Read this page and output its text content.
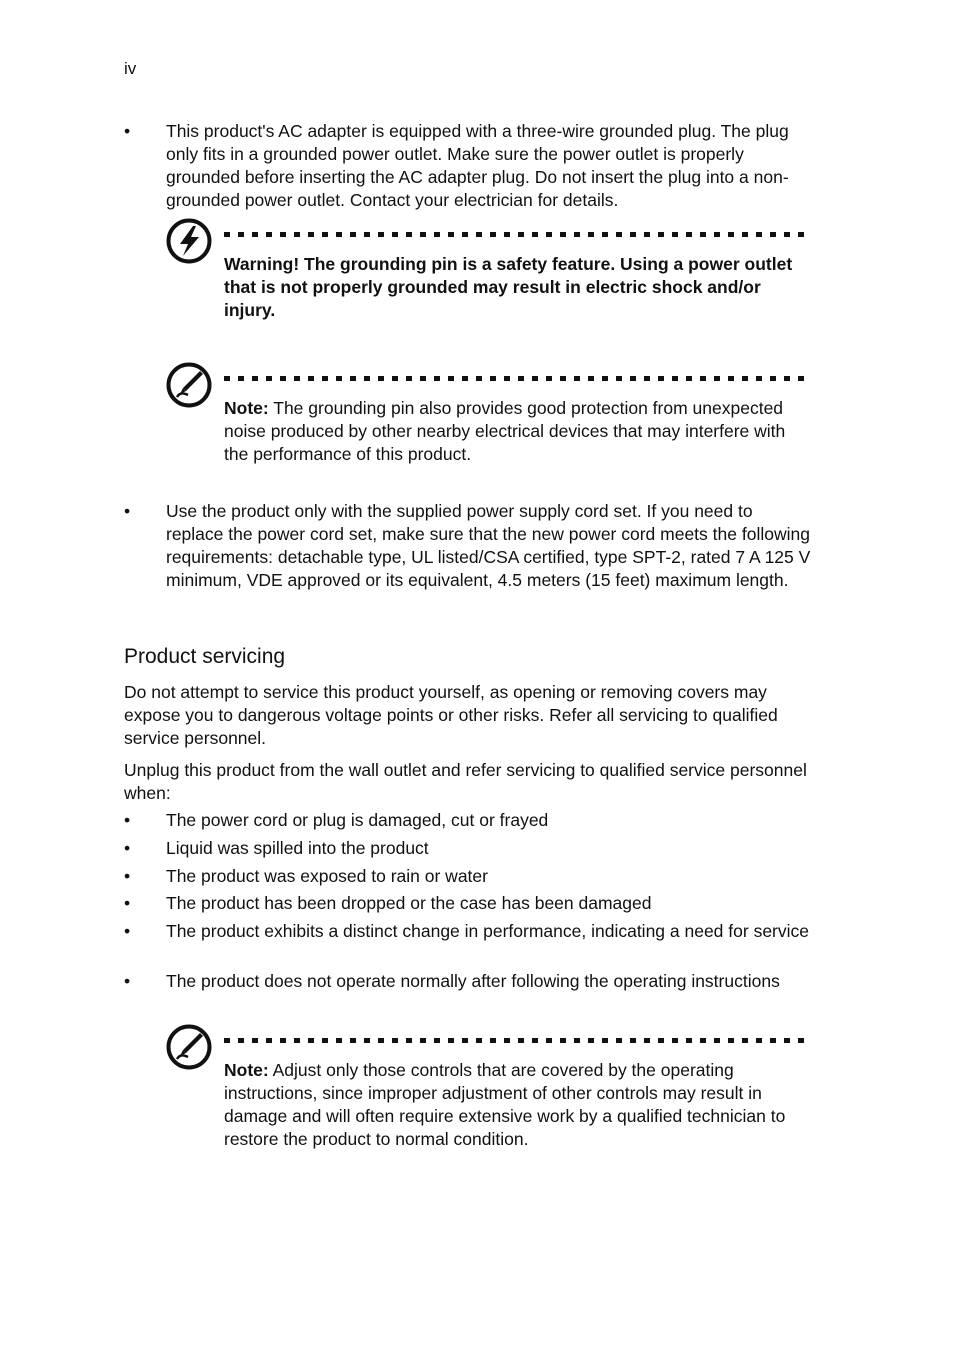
iv
•	This product's AC adapter is equipped with a three-wire grounded plug. The plug only fits in a grounded power outlet. Make sure the power outlet is properly grounded before inserting the AC adapter plug. Do not insert the plug into a non-grounded power outlet. Contact your electrician for details.
Warning! The grounding pin is a safety feature. Using a power outlet that is not properly grounded may result in electric shock and/or injury.
Note: The grounding pin also provides good protection from unexpected noise produced by other nearby electrical devices that may interfere with the performance of this product.
•	Use the product only with the supplied power supply cord set. If you need to replace the power cord set, make sure that the new power cord meets the following requirements: detachable type, UL listed/CSA certified, type SPT-2, rated 7 A 125 V minimum, VDE approved or its equivalent, 4.5 meters (15 feet) maximum length.
Product servicing
Do not attempt to service this product yourself, as opening or removing covers may expose you to dangerous voltage points or other risks. Refer all servicing to qualified service personnel.
Unplug this product from the wall outlet and refer servicing to qualified service personnel when:
•	The power cord or plug is damaged, cut or frayed
•	Liquid was spilled into the product
•	The product was exposed to rain or water
•	The product has been dropped or the case has been damaged
•	The product exhibits a distinct change in performance, indicating a need for service
•	The product does not operate normally after following the operating instructions
Note: Adjust only those controls that are covered by the operating instructions, since improper adjustment of other controls may result in damage and will often require extensive work by a qualified technician to restore the product to normal condition.
